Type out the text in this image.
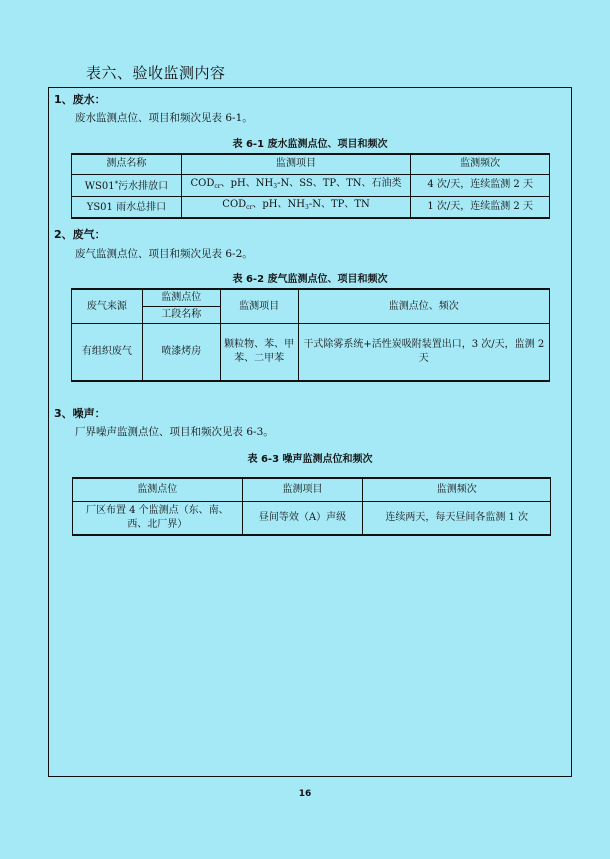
表六、验收监测内容
1、废水：
废水监测点位、项目和频次见表 6-1。
表 6-1 废水监测点位、项目和频次
测点名称	监测项目	监测频次
WS01*污水排放口	$COD_{cr}$、pH、$NH_3-N$、SS、TP、TN、石油类	4 次/天，连续监测 2 天
YS01 雨水总排口	$COD_{cr}$、pH、$NH_3-N$、TP、TN	1 次/天，连续监测 2 天
2、废气：
废气监测点位、项目和频次见表 6-2。
表 6-2 废气监测点位、项目和频次
废气来源	监测点位	监测项目	监测点位、频次
	工段名称		
有组织废气	喷漆烤房	颗粒物、苯、甲苯、二甲苯	干式除雾系统+活性炭吸附装置出口，3 次/天，监测 2 天
3、噪声：
厂界噪声监测点位、项目和频次见表 6-3。
表 6-3 噪声监测点位和频次
监测点位	监测项目	监测频次
厂区布置 4 个监测点（东、南、西、北厂界）	昼间等效（A）声级	连续两天，每天昼间各监测 1 次
16
